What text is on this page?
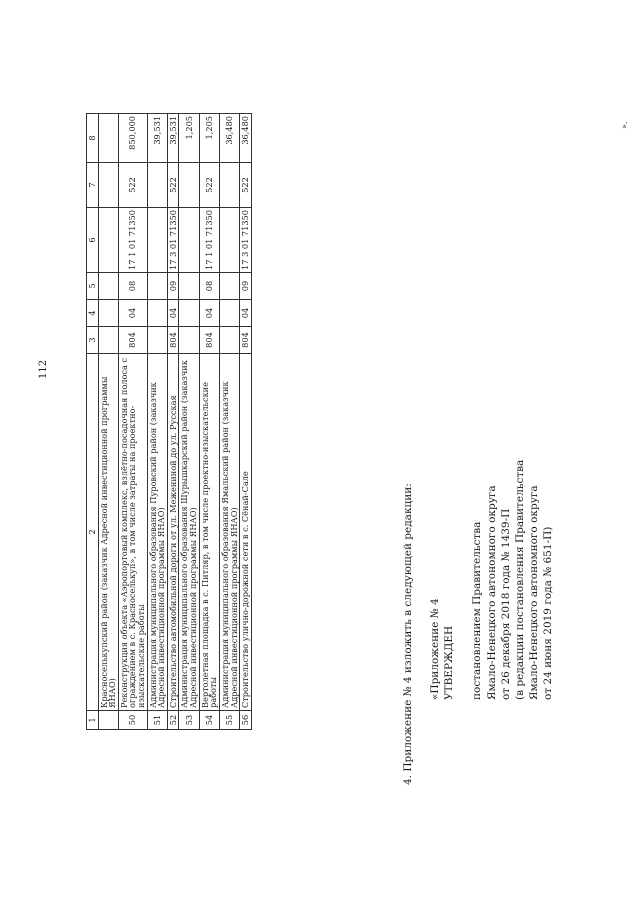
112
1	2	3	4	5	6	7	8
	Красноселькупский район (заказчик Адресной инвестиционной программы ЯНАО)						
50	Реконструкция объекта «Аэропортовый комплекс, взлётно-посадочная полоса с ограждением в с. Красноселькуп», в том числе затраты на проектно-изыскательские работы	804	04	08	17 1 01 71350	522	850,000
51	Администрация муниципального образования Пуровский район (заказчик Адресной инвестиционной программы ЯНАО)						39,531
52	Строительство автомобильной дороги от ул. Межениной до ул. Русская	804	04	09	17 3 01 71350	522	39,531
53	Администрация муниципального образования Шурышкарский район (заказчик Адресной инвестиционной программы ЯНАО)						1,205
54	Вертолетная площадка в с. Питляр, в том числе проектно-изыскательские работы	804	04	08	17 1 01 71350	522	1,205
55	Администрация муниципального образования Ямальский район (заказчик Адресной инвестиционной программы ЯНАО)						36,480
56	Строительство улично-дорожной сети в с. Сёнай-Сале	804	04	09	17 3 01 71350	522	36,480	».
4. Приложение № 4 изложить в следующей редакции: «Приложение № 4 УТВЕРЖДЕН постановлением Правительства Ямало-Ненецкого автономного округа от 26 декабря 2018 года № 1439-П (в редакции постановления Правительства Ямало-Ненецкого автономного округа от 24 июня 2019 года № 651-П)
